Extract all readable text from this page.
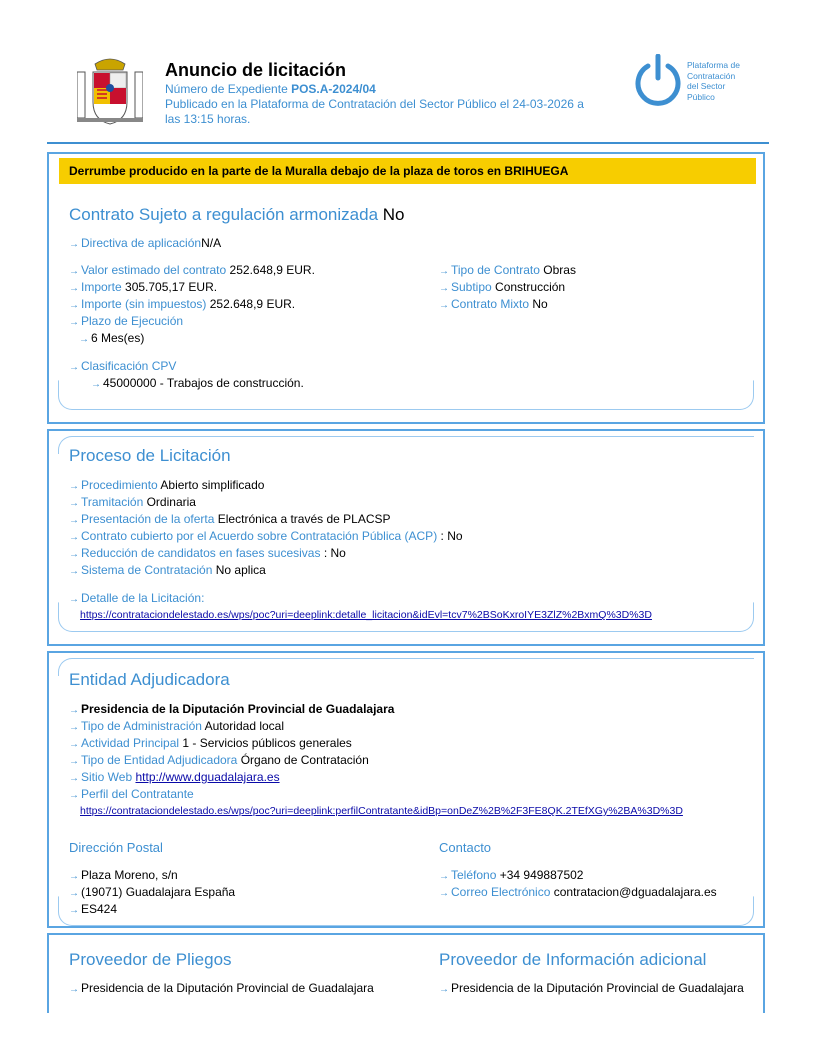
Anuncio de licitación
Número de Expediente POS.A-2024/04
Publicado en la Plataforma de Contratación del Sector Público el 24-03-2026 a
las 13:15 horas.
Plataforma de
Contratación
del Sector
Público
Derrumbe producido en la parte de la Muralla debajo de la plaza de toros en BRIHUEGA
Contrato Sujeto a regulación armonizada No
→ Directiva de aplicaciónN/A
→ Valor estimado del contrato 252.648,9 EUR.
→ Importe 305.705,17 EUR.
→ Importe (sin impuestos) 252.648,9 EUR.
→ Tipo de Contrato Obras
→ Subtipo Construcción
→ Contrato Mixto No
→ Plazo de Ejecución
→ 6 Mes(es)
→ Clasificación CPV
→ 45000000 - Trabajos de construcción.
Proceso de Licitación
→ Procedimiento Abierto simplificado
→ Tramitación Ordinaria
→ Presentación de la oferta Electrónica a través de PLACSP
→ Contrato cubierto por el Acuerdo sobre Contratación Pública (ACP) : No
→ Reducción de candidatos en fases sucesivas : No
→ Sistema de Contratación No aplica
→ Detalle de la Licitación:
https://contrataciondelestado.es/wps/poc?uri=deeplink:detalle_licitacion&idEvl=tcv7%2BSoKxroIYE3ZlZ%2BxmQ%3D%3D
Entidad Adjudicadora
→ Presidencia de la Diputación Provincial de Guadalajara
→ Tipo de Administración Autoridad local
→ Actividad Principal 1 - Servicios públicos generales
→ Tipo de Entidad Adjudicadora Órgano de Contratación
→ Sitio Web http://www.dguadalajara.es
→ Perfil del Contratante
https://contrataciondelestado.es/wps/poc?uri=deeplink:perfilContratante&idBp=onDeZ%2B%2F3FE8QK.2TEfXGy%2BA%3D%3D
Dirección Postal
→ Plaza Moreno, s/n
→ (19071) Guadalajara España
→ ES424
Contacto
→ Teléfono +34 949887502
→ Correo Electrónico contratacion@dguadalajara.es
Proveedor de Pliegos
→ Presidencia de la Diputación Provincial de Guadalajara
Proveedor de Información adicional
→ Presidencia de la Diputación Provincial de Guadalajara
